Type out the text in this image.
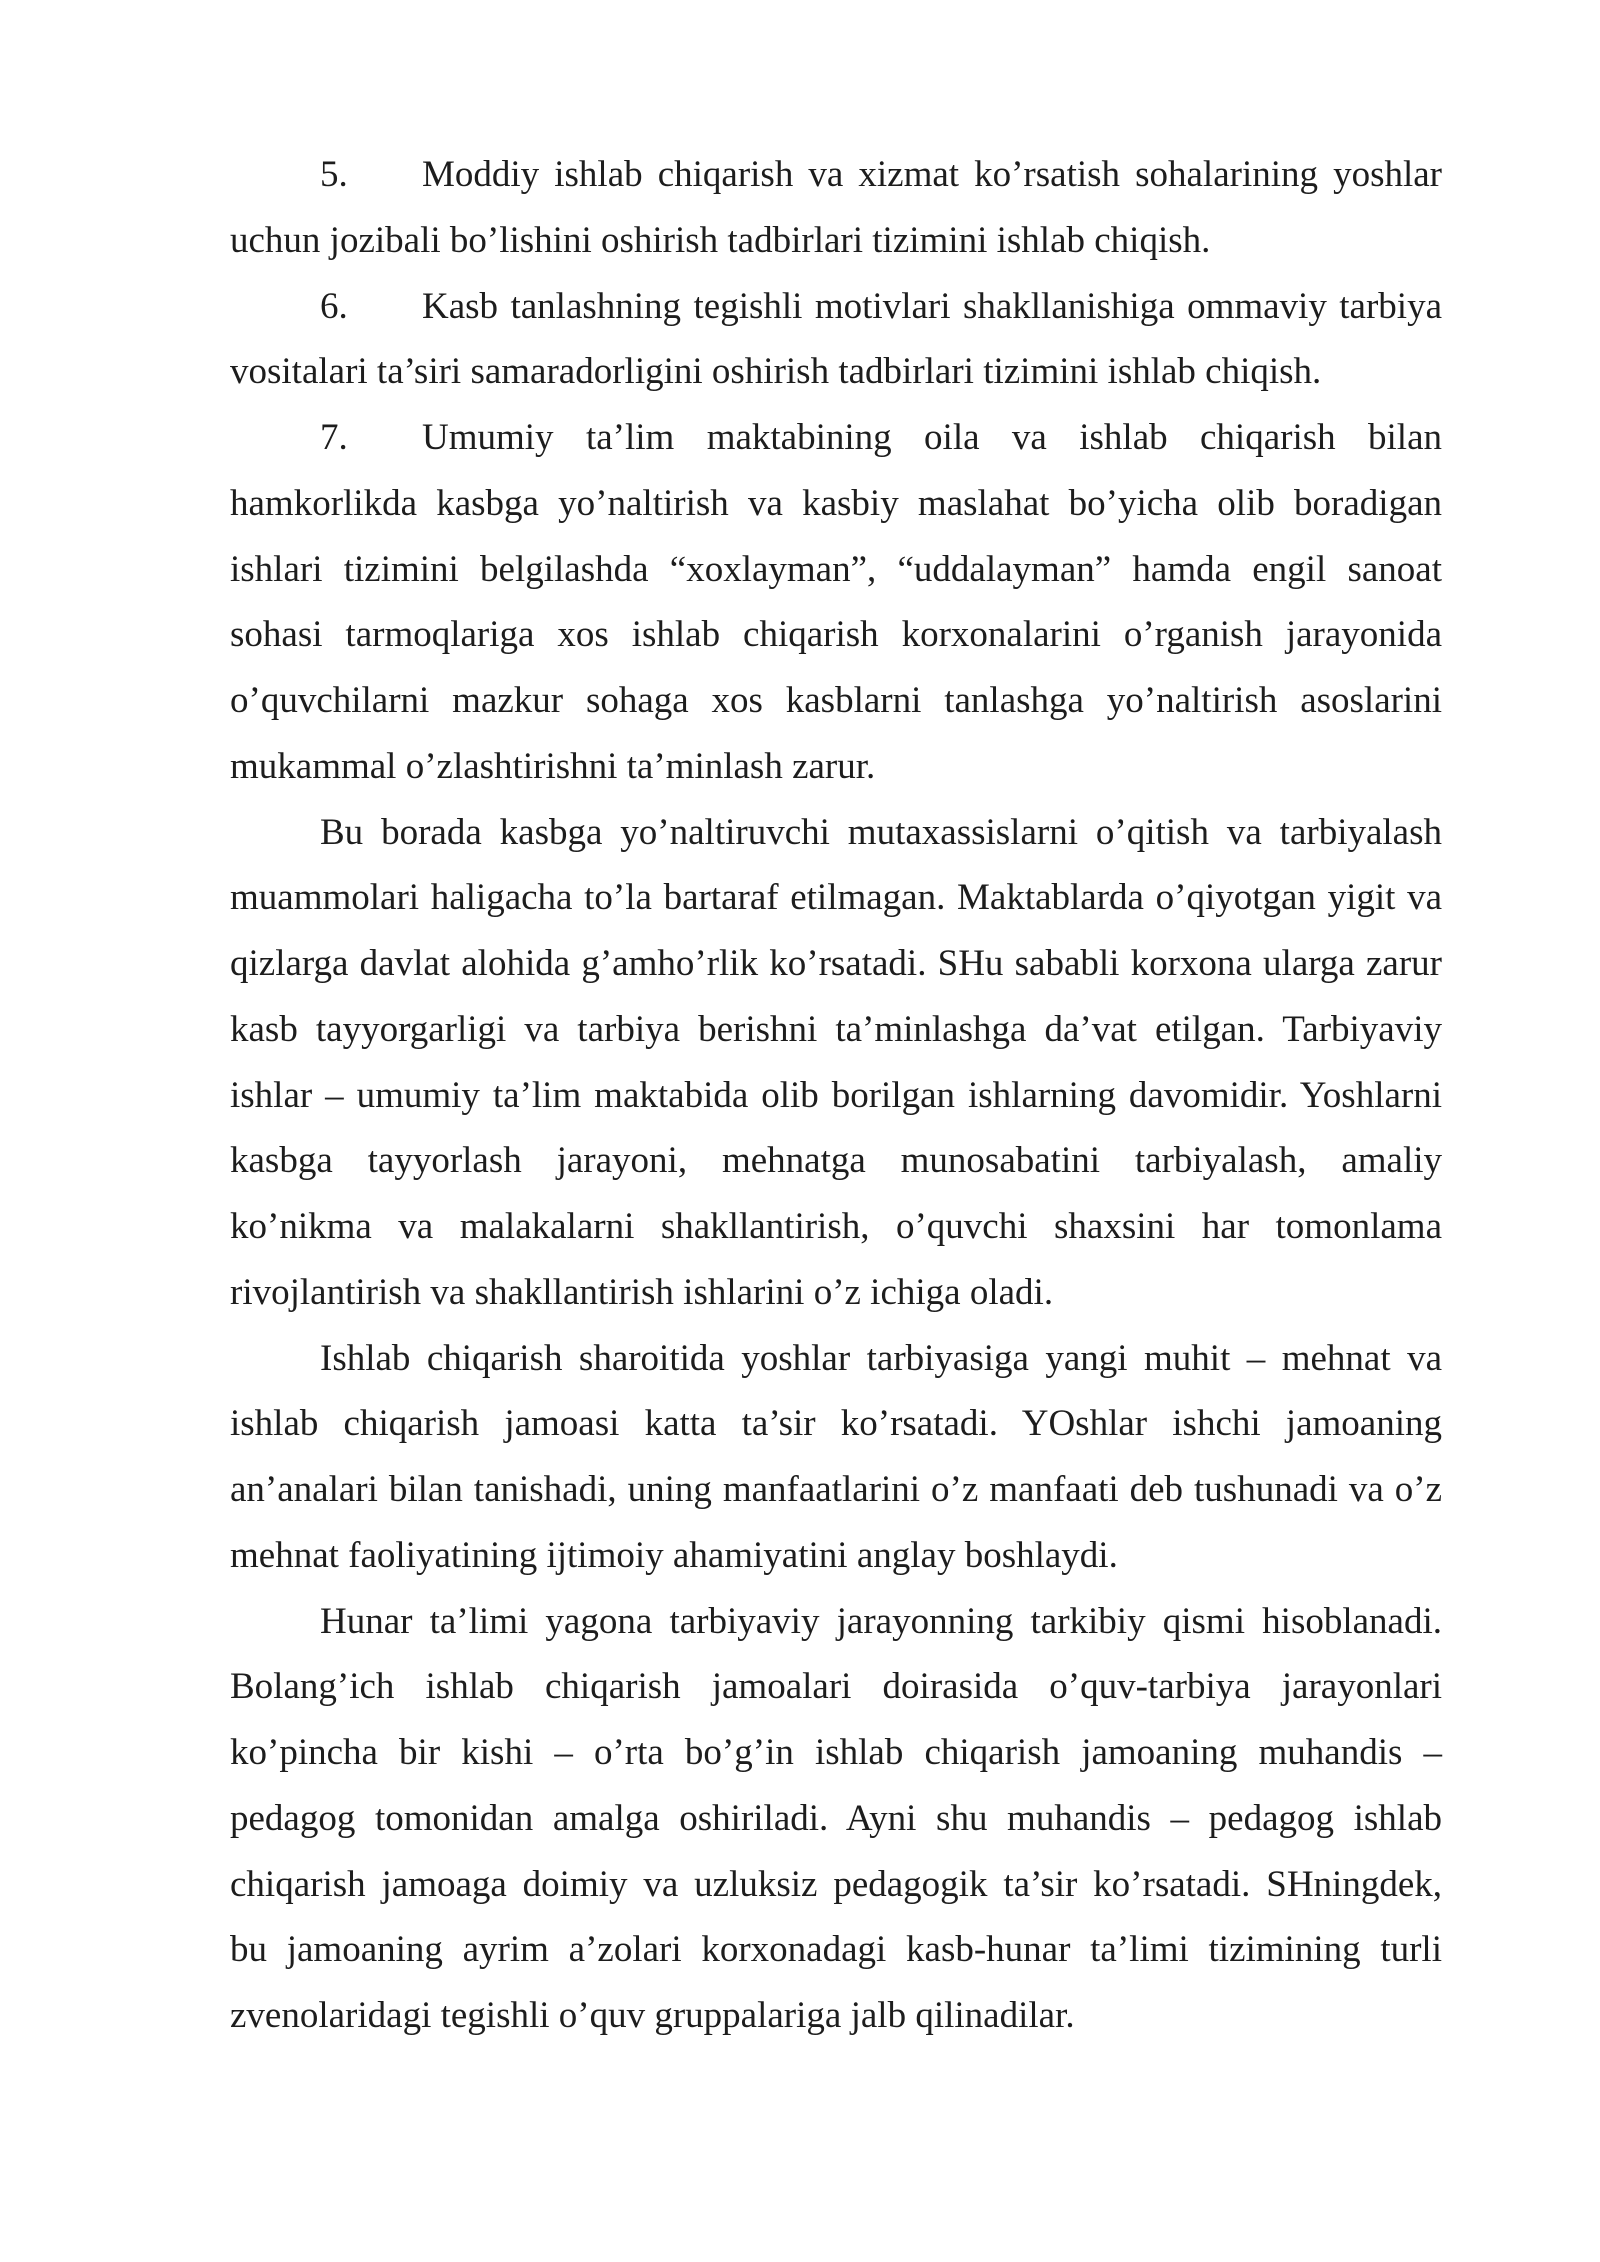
5. Moddiy ishlab chiqarish va xizmat ko’rsatish sohalarining yoshlar
uchun jozibali bo’lishini oshirish tadbirlari tizimini ishlab chiqish.
6. Kasb tanlashning tegishli motivlari shakllanishiga ommaviy tarbiya
vositalari ta’siri samaradorligini oshirish tadbirlari tizimini ishlab chiqish.
7. Umumiy ta’lim maktabining oila va ishlab chiqarish bilan
hamkorlikda kasbga yo’naltirish va kasbiy maslahat bo’yicha olib boradigan
ishlari tizimini belgilashda “xoxlayman”, “uddalayman” hamda engil sanoat
sohasi tarmoqlariga xos ishlab chiqarish korxonalarini o’rganish jarayonida
o’quvchilarni mazkur sohaga xos kasblarni tanlashga yo’naltirish asoslarini
mukammal o’zlashtirishni ta’minlash zarur.
Bu borada kasbga yo’naltiruvchi mutaxassislarni o’qitish va tarbiyalash
muammolari haligacha to’la bartaraf etilmagan. Maktablarda o’qiyotgan yigit va
qizlarga davlat alohida g’amho’rlik ko’rsatadi. SHu sababli korxona ularga zarur
kasb tayyorgarligi va tarbiya berishni ta’minlashga da’vat etilgan. Tarbiyaviy
ishlar – umumiy ta’lim maktabida olib borilgan ishlarning davomidir. Yoshlarni
kasbga tayyorlash jarayoni, mehnatga munosabatini tarbiyalash, amaliy
ko’nikma va malakalarni shakllantirish, o’quvchi shaxsini har tomonlama
rivojlantirish va shakllantirish ishlarini o’z ichiga oladi.
Ishlab chiqarish sharoitida yoshlar tarbiyasiga yangi muhit – mehnat va
ishlab chiqarish jamoasi katta ta’sir ko’rsatadi. YOshlar ishchi jamoaning
an’analari bilan tanishadi, uning manfaatlarini o’z manfaati deb tushunadi va o’z
mehnat faoliyatining ijtimoiy ahamiyatini anglay boshlaydi.
Hunar ta’limi yagona tarbiyaviy jarayonning tarkibiy qismi hisoblanadi.
Bolang’ich ishlab chiqarish jamoalari doirasida o’quv-tarbiya jarayonlari
ko’pincha bir kishi – o’rta bo’g’in ishlab chiqarish jamoaning muhandis –
pedagog tomonidan amalga oshiriladi. Ayni shu muhandis – pedagog ishlab
chiqarish jamoaga doimiy va uzluksiz pedagogik ta’sir ko’rsatadi. SHningdek,
bu jamoaning ayrim a’zolari korxonadagi kasb-hunar ta’limi tizimining turli
zvenolaridagi tegishli o’quv gruppalariga jalb qilinadilar.
